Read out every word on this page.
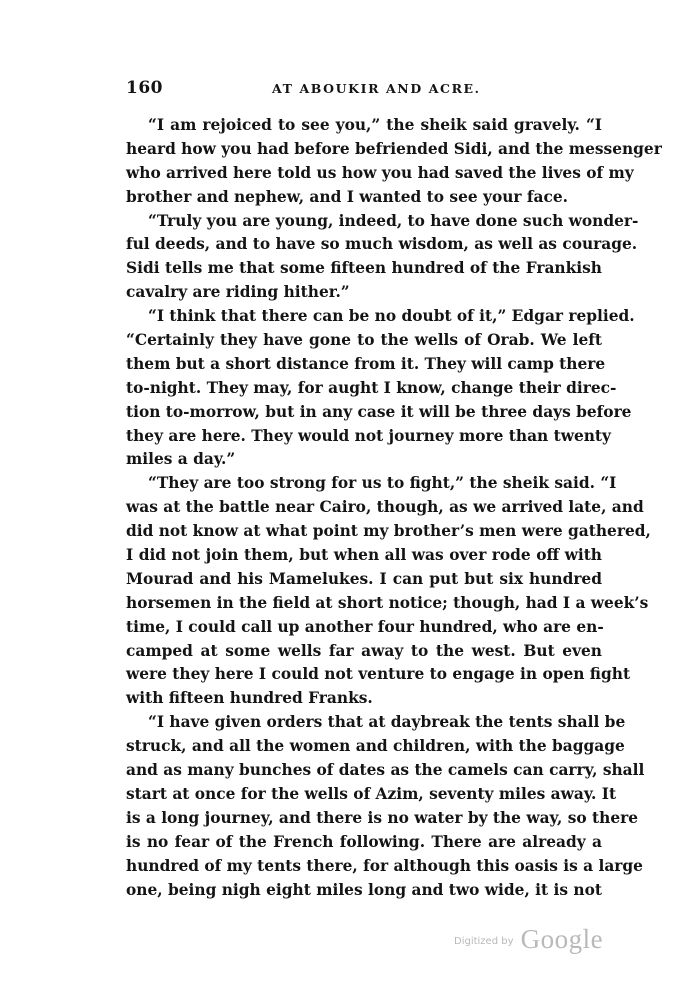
160	AT ABOUKIR AND ACRE.
“I am rejoiced to see you,” the sheik said gravely. “I
heard how you had before befriended Sidi, and the messenger
who arrived here told us how you had saved the lives of my
brother and nephew, and I wanted to see your face.
“Truly you are young, indeed, to have done such wonder-
ful deeds, and to have so much wisdom, as well as courage.
Sidi tells me that some fifteen hundred of the Frankish
cavalry are riding hither.”
“I think that there can be no doubt of it,” Edgar replied.
“Certainly they have gone to the wells of Orab. We left
them but a short distance from it. They will camp there
to-night. They may, for aught I know, change their direc-
tion to-morrow, but in any case it will be three days before
they are here. They would not journey more than twenty
miles a day.”
“They are too strong for us to fight,” the sheik said. “I
was at the battle near Cairo, though, as we arrived late, and
did not know at what point my brother’s men were gathered,
I did not join them, but when all was over rode off with
Mourad and his Mamelukes. I can put but six hundred
horsemen in the field at short notice; though, had I a week’s
time, I could call up another four hundred, who are en-
camped at some wells far away to the west. But even
were they here I could not venture to engage in open fight
with fifteen hundred Franks.
“I have given orders that at daybreak the tents shall be
struck, and all the women and children, with the baggage
and as many bunches of dates as the camels can carry, shall
start at once for the wells of Azim, seventy miles away. It
is a long journey, and there is no water by the way, so there
is no fear of the French following. There are already a
hundred of my tents there, for although this oasis is a large
one, being nigh eight miles long and two wide, it is not
$^{Digitized by}$ Google
